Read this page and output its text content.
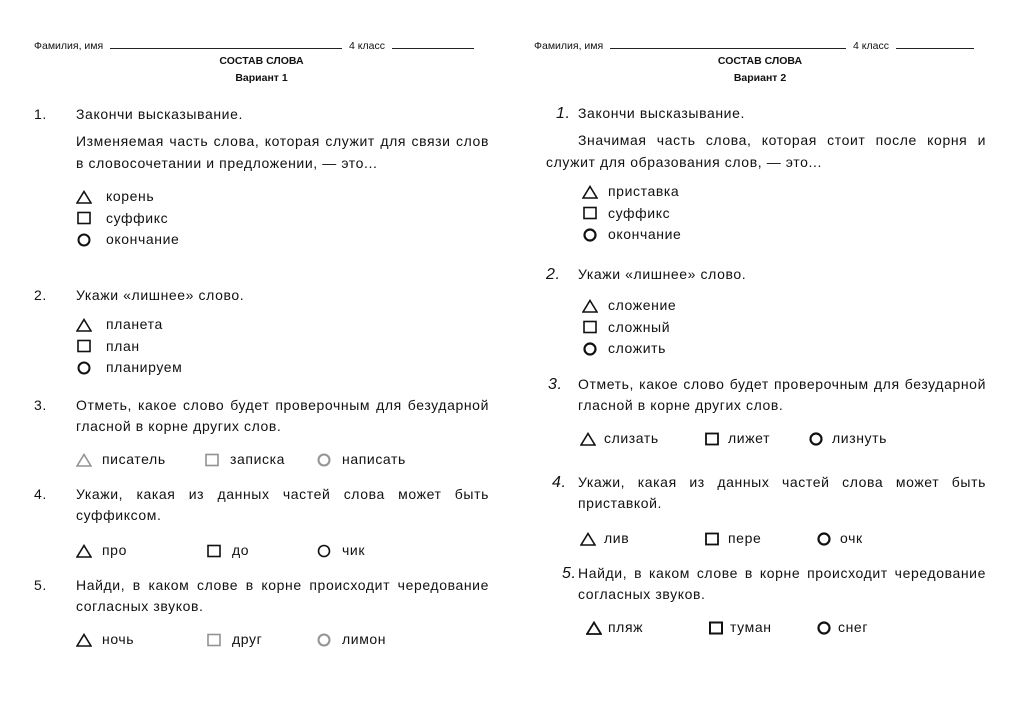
Фамилия, имя	4 класс
СОСТАВ СЛОВА
Вариант 1
1. Закончи высказывание.
Изменяемая часть слова, которая служит для связи слов в словосочетании и предложении, — это...
корень
суффикс
окончание
2. Укажи «лишнее» слово.
планета
план
планируем
3. Отметь, какое слово будет проверочным для безударной гласной в корне других слов.
писатель	записка	написать
4. Укажи, какая из данных частей слова может быть суффиксом.
про	до	чик
5. Найди, в каком слове в корне происходит чередование согласных звуков.
ночь	друг	лимон
Фамилия, имя	4 класс
СОСТАВ СЛОВА
Вариант 2
1. Закончи высказывание.
Значимая часть слова, которая стоит после корня и служит для образования слов, — это...
приставка
суффикс
окончание
2. Укажи «лишнее» слово.
сложение
сложный
сложить
3. Отметь, какое слово будет проверочным для безударной гласной в корне других слов.
слизать	лижет	лизнуть
4. Укажи, какая из данных частей слова может быть приставкой.
лив	пере	очк
5. Найди, в каком слове в корне происходит чередование согласных звуков.
пляж	туман	снег
